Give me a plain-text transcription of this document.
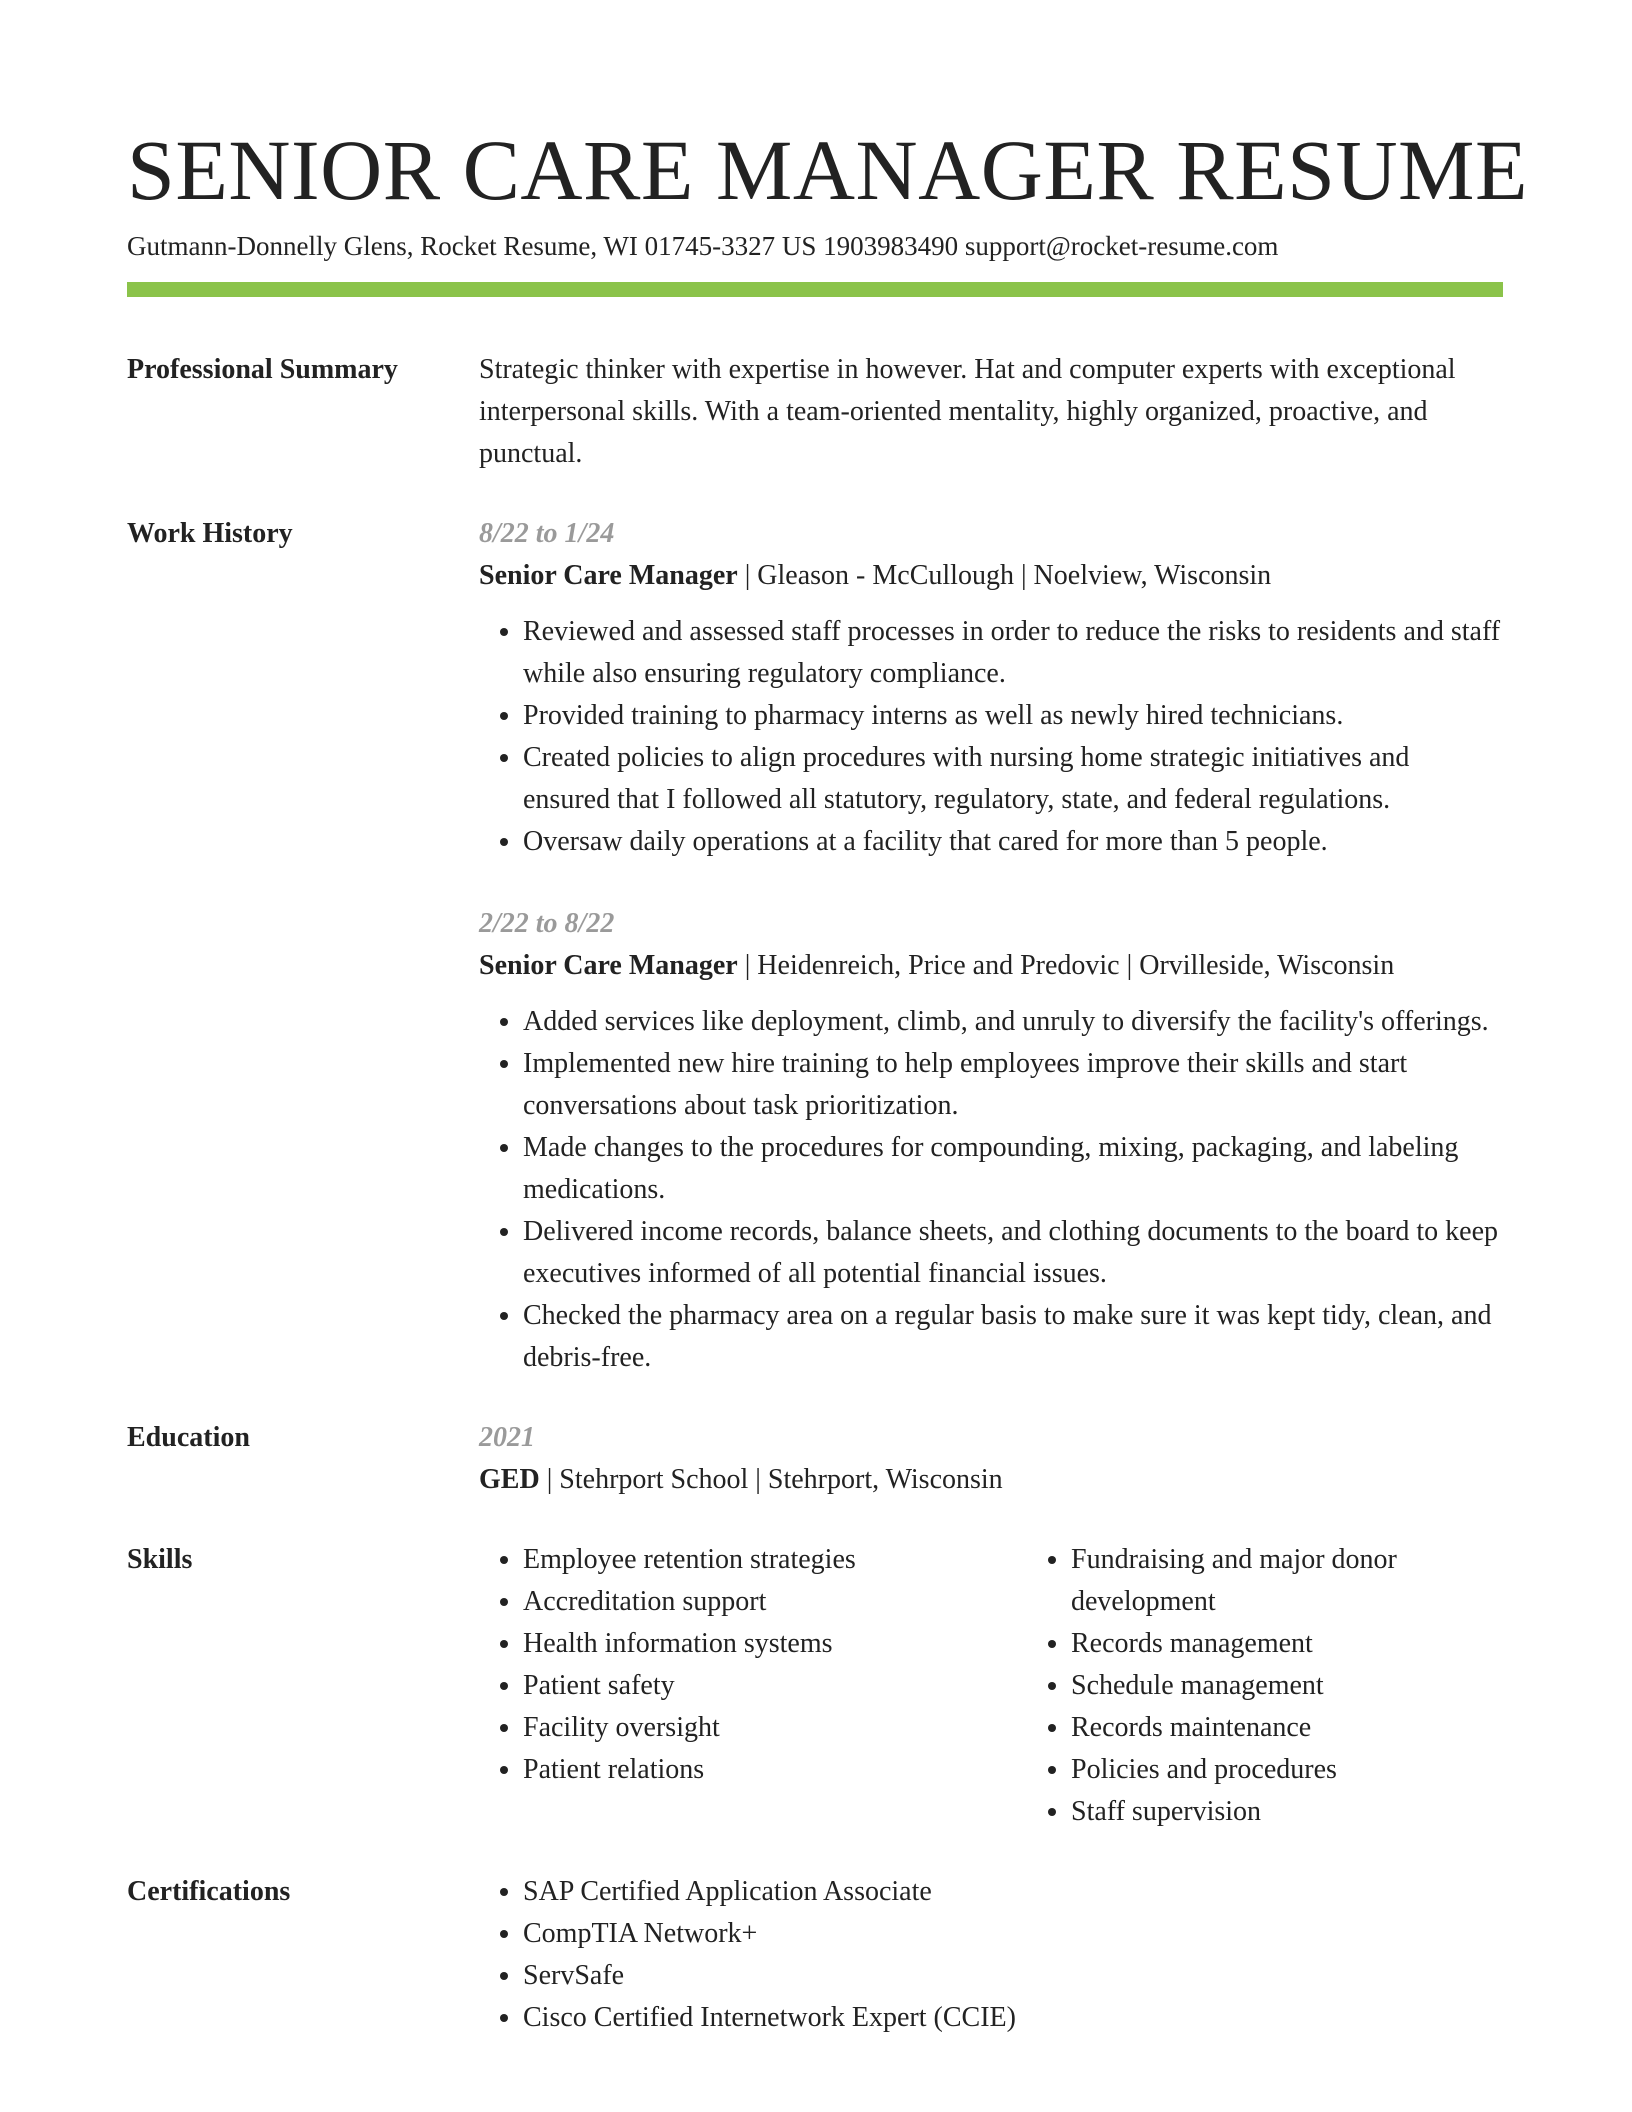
SENIOR CARE MANAGER RESUME
Gutmann-Donnelly Glens, Rocket Resume, WI 01745-3327 US 1903983490 support@rocket-resume.com
Professional Summary	Strategic thinker with expertise in however. Hat and computer experts with exceptional interpersonal skills. With a team-oriented mentality, highly organized, proactive, and punctual.
Work History	8/22 to 1/24
Senior Care Manager | Gleason - McCullough | Noelview, Wisconsin
• Reviewed and assessed staff processes in order to reduce the risks to residents and staff while also ensuring regulatory compliance.
• Provided training to pharmacy interns as well as newly hired technicians.
• Created policies to align procedures with nursing home strategic initiatives and ensured that I followed all statutory, regulatory, state, and federal regulations.
• Oversaw daily operations at a facility that cared for more than 5 people.
2/22 to 8/22
Senior Care Manager | Heidenreich, Price and Predovic | Orvilleside, Wisconsin
• Added services like deployment, climb, and unruly to diversify the facility's offerings.
• Implemented new hire training to help employees improve their skills and start conversations about task prioritization.
• Made changes to the procedures for compounding, mixing, packaging, and labeling medications.
• Delivered income records, balance sheets, and clothing documents to the board to keep executives informed of all potential financial issues.
• Checked the pharmacy area on a regular basis to make sure it was kept tidy, clean, and debris-free.
Education	2021
GED | Stehrport School | Stehrport, Wisconsin
Skills	• Employee retention strategies
• Accreditation support
• Health information systems
• Patient safety
• Facility oversight
• Patient relations
• Fundraising and major donor development
• Records management
• Schedule management
• Records maintenance
• Policies and procedures
• Staff supervision
Certifications	• SAP Certified Application Associate
• CompTIA Network+
• ServSafe
• Cisco Certified Internetwork Expert (CCIE)
